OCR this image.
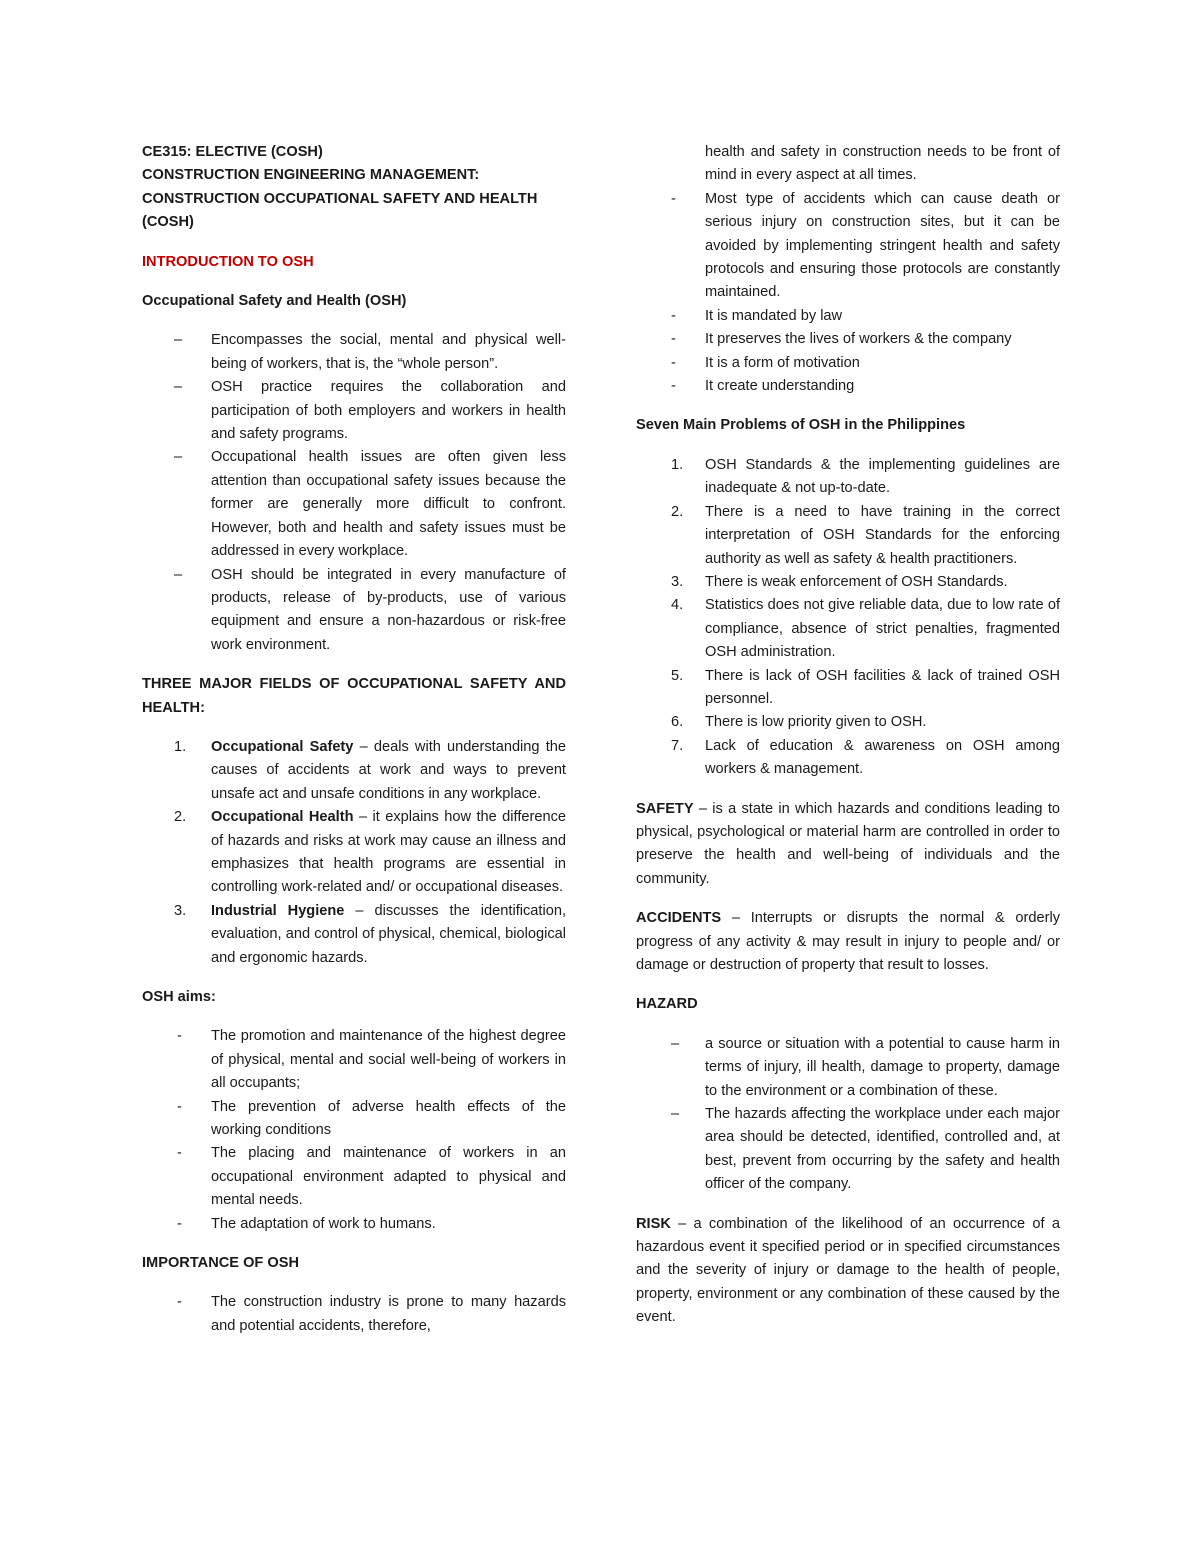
CE315: ELECTIVE (COSH)

CONSTRUCTION ENGINEERING MANAGEMENT:

CONSTRUCTION OCCUPATIONAL SAFETY AND HEALTH (COSH)

INTRODUCTION TO OSH

Occupational Safety and Health (OSH)

– Encompasses the social, mental and physical well-being of workers, that is, the “whole person”.
– OSH practice requires the collaboration and participation of both employers and workers in health and safety programs.
– Occupational health issues are often given less attention than occupational safety issues because the former are generally more difficult to confront. However, both and health and safety issues must be addressed in every workplace.
– OSH should be integrated in every manufacture of products, release of by-products, use of various equipment and ensure a non-hazardous or risk-free work environment.

THREE MAJOR FIELDS OF OCCUPATIONAL SAFETY AND HEALTH:

1. Occupational Safety – deals with understanding the causes of accidents at work and ways to prevent unsafe act and unsafe conditions in any workplace.
2. Occupational Health – it explains how the difference of hazards and risks at work may cause an illness and emphasizes that health programs are essential in controlling work-related and/ or occupational diseases.
3. Industrial Hygiene – discusses the identification, evaluation, and control of physical, chemical, biological and ergonomic hazards.

OSH aims:

- The promotion and maintenance of the highest degree of physical, mental and social well-being of workers in all occupants;
- The prevention of adverse health effects of the working conditions
- The placing and maintenance of workers in an occupational environment adapted to physical and mental needs.
- The adaptation of work to humans.

IMPORTANCE OF OSH

- The construction industry is prone to many hazards and potential accidents, therefore,

health and safety in construction needs to be front of mind in every aspect at all times.

- Most type of accidents which can cause death or serious injury on construction sites, but it can be avoided by implementing stringent health and safety protocols and ensuring those protocols are constantly maintained.
- It is mandated by law
- It preserves the lives of workers & the company
- It is a form of motivation
- It create understanding

Seven Main Problems of OSH in the Philippines

1. OSH Standards & the implementing guidelines are inadequate & not up-to-date.
2. There is a need to have training in the correct interpretation of OSH Standards for the enforcing authority as well as safety & health practitioners.
3. There is weak enforcement of OSH Standards.
4. Statistics does not give reliable data, due to low rate of compliance, absence of strict penalties, fragmented OSH administration.
5. There is lack of OSH facilities & lack of trained OSH personnel.
6. There is low priority given to OSH.
7. Lack of education & awareness on OSH among workers & management.

SAFETY – is a state in which hazards and conditions leading to physical, psychological or material harm are controlled in order to preserve the health and well-being of individuals and the community.

ACCIDENTS – Interrupts or disrupts the normal & orderly progress of any activity & may result in injury to people and/ or damage or destruction of property that result to losses.

HAZARD

– a source or situation with a potential to cause harm in terms of injury, ill health, damage to property, damage to the environment or a combination of these.
– The hazards affecting the workplace under each major area should be detected, identified, controlled and, at best, prevent from occurring by the safety and health officer of the company.

RISK – a combination of the likelihood of an occurrence of a hazardous event it specified period or in specified circumstances and the severity of injury or damage to the health of people, property, environment or any combination of these caused by the event.
